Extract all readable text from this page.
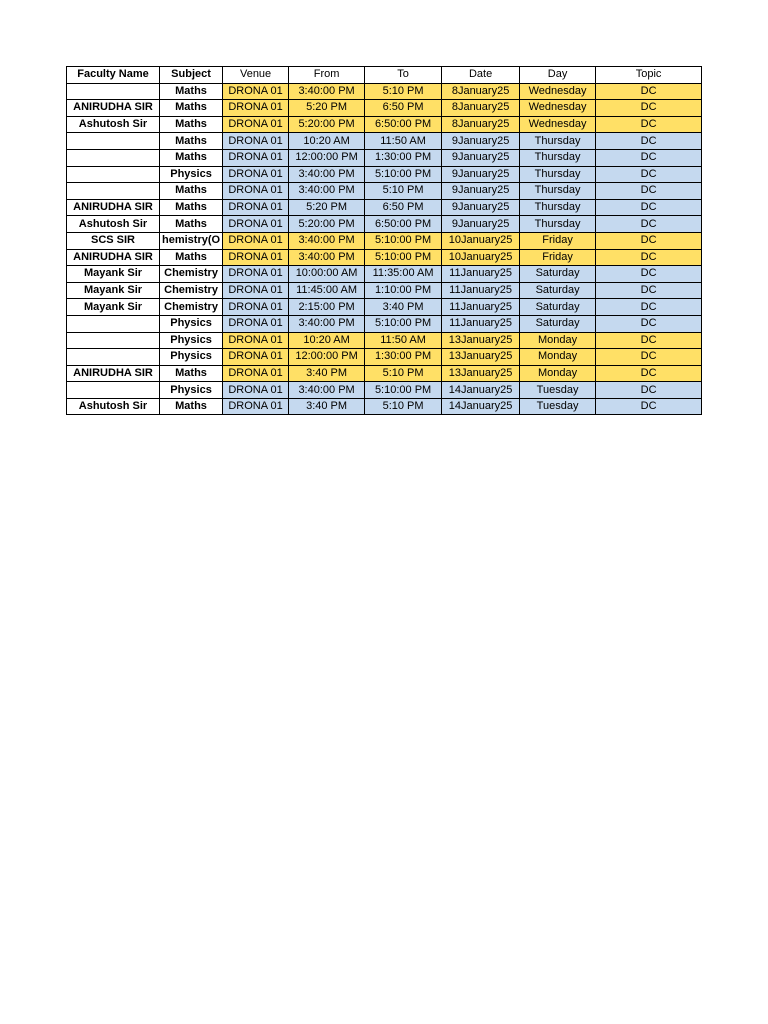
Faculty Name	Subject	Venue	From	To	Date	Day	Topic
	Maths	DRONA 01	3:40:00 PM	5:10 PM	8January25	Wednesday	DC
ANIRUDHA SIR	Maths	DRONA 01	5:20 PM	6:50 PM	8January25	Wednesday	DC
Ashutosh Sir	Maths	DRONA 01	5:20:00 PM	6:50:00 PM	8January25	Wednesday	DC
	Maths	DRONA 01	10:20 AM	11:50 AM	9January25	Thursday	DC
	Maths	DRONA 01	12:00:00 PM	1:30:00 PM	9January25	Thursday	DC
	Physics	DRONA 01	3:40:00 PM	5:10:00 PM	9January25	Thursday	DC
	Maths	DRONA 01	3:40:00 PM	5:10 PM	9January25	Thursday	DC
ANIRUDHA SIR	Maths	DRONA 01	5:20 PM	6:50 PM	9January25	Thursday	DC
Ashutosh Sir	Maths	DRONA 01	5:20:00 PM	6:50:00 PM	9January25	Thursday	DC
SCS SIR	hemistry(O	DRONA 01	3:40:00 PM	5:10:00 PM	10January25	Friday	DC
ANIRUDHA SIR	Maths	DRONA 01	3:40:00 PM	5:10:00 PM	10January25	Friday	DC
Mayank Sir	Chemistry	DRONA 01	10:00:00 AM	11:35:00 AM	11January25	Saturday	DC
Mayank Sir	Chemistry	DRONA 01	11:45:00 AM	1:10:00 PM	11January25	Saturday	DC
Mayank Sir	Chemistry	DRONA 01	2:15:00 PM	3:40 PM	11January25	Saturday	DC
	Physics	DRONA 01	3:40:00 PM	5:10:00 PM	11January25	Saturday	DC
	Physics	DRONA 01	10:20 AM	11:50 AM	13January25	Monday	DC
	Physics	DRONA 01	12:00:00 PM	1:30:00 PM	13January25	Monday	DC
ANIRUDHA SIR	Maths	DRONA 01	3:40 PM	5:10 PM	13January25	Monday	DC
	Physics	DRONA 01	3:40:00 PM	5:10:00 PM	14January25	Tuesday	DC
Ashutosh Sir	Maths	DRONA 01	3:40 PM	5:10 PM	14January25	Tuesday	DC
